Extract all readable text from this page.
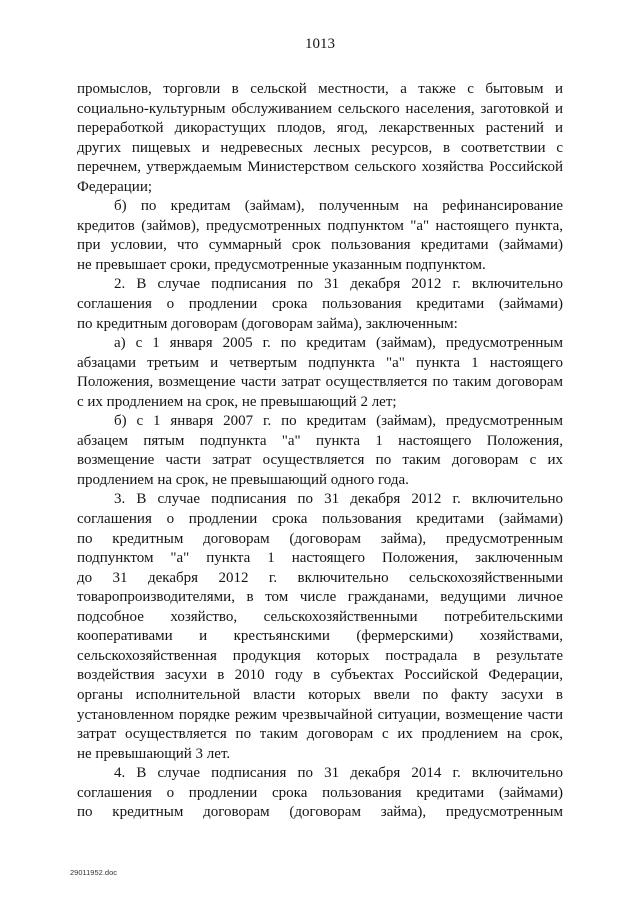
1013
промыслов, торговли в сельской местности, а также с бытовым и
социально-культурным обслуживанием сельского населения, заготовкой и
переработкой дикорастущих плодов, ягод, лекарственных растений и
других пищевых и недревесных лесных ресурсов, в соответствии с
перечнем, утверждаемым Министерством сельского хозяйства Российской
Федерации;
б) по кредитам (займам), полученным на рефинансирование
кредитов (займов), предусмотренных подпунктом "а" настоящего пункта,
при условии, что суммарный срок пользования кредитами (займами)
не превышает сроки, предусмотренные указанным подпунктом.
2. В случае подписания по 31 декабря 2012 г. включительно
соглашения о продлении срока пользования кредитами (займами)
по кредитным договорам (договорам займа), заключенным:
а) с 1 января 2005 г. по кредитам (займам), предусмотренным
абзацами третьим и четвертым подпункта "а" пункта 1 настоящего
Положения, возмещение части затрат осуществляется по таким договорам
с их продлением на срок, не превышающий 2 лет;
б) с 1 января 2007 г. по кредитам (займам), предусмотренным
абзацем пятым подпункта "а" пункта 1 настоящего Положения,
возмещение части затрат осуществляется по таким договорам с их
продлением на срок, не превышающий одного года.
3. В случае подписания по 31 декабря 2012 г. включительно
соглашения о продлении срока пользования кредитами (займами)
по кредитным договорам (договорам займа), предусмотренным
подпунктом "а" пункта 1 настоящего Положения, заключенным
до 31 декабря 2012 г. включительно сельскохозяйственными
товаропроизводителями, в том числе гражданами, ведущими личное
подсобное хозяйство, сельскохозяйственными потребительскими
кооперативами и крестьянскими (фермерскими) хозяйствами,
сельскохозяйственная продукция которых пострадала в результате
воздействия засухи в 2010 году в субъектах Российской Федерации,
органы исполнительной власти которых ввели по факту засухи в
установленном порядке режим чрезвычайной ситуации, возмещение части
затрат осуществляется по таким договорам с их продлением на срок,
не превышающий 3 лет.
4. В случае подписания по 31 декабря 2014 г. включительно
соглашения о продлении срока пользования кредитами (займами)
по кредитным договорам (договорам займа), предусмотренным
29011952.doc
